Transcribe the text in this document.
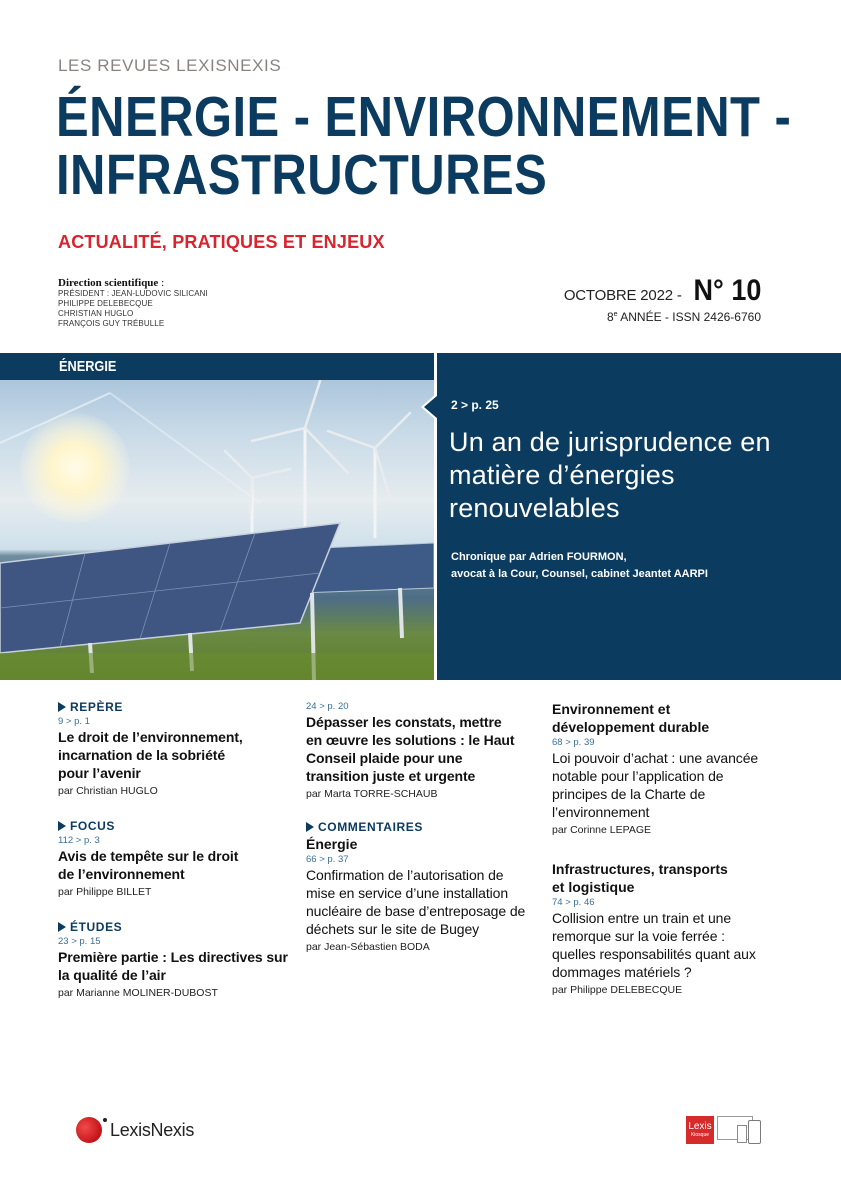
LES REVUES LEXISNEXIS
ÉNERGIE - ENVIRONNEMENT -
INFRASTRUCTURES
ACTUALITÉ, PRATIQUES ET ENJEUX
Direction scientifique :
PRÉSIDENT : JEAN-LUDOVIC SILICANI
PHILIPPE DELEBECQUE
CHRISTIAN HUGLO
FRANÇOIS GUY TRÉBULLE
OCTOBRE 2022 - N° 10
8e ANNÉE - ISSN 2426-6760
ÉNERGIE
2 > p. 25
Un an de jurisprudence en matière d’énergies renouvelables
Chronique par Adrien FOURMON,
avocat à la Cour, Counsel, cabinet Jeantet AARPI
REPÈRE
9 > p. 1
Le droit de l’environnement, incarnation de la sobriété pour l’avenir
par Christian HUGLO
FOCUS
112 > p. 3
Avis de tempête sur le droit de l’environnement
par Philippe BILLET
ÉTUDES
23 > p. 15
Première partie : Les directives sur la qualité de l’air
par Marianne MOLINER-DUBOST
24 > p. 20
Dépasser les constats, mettre en œuvre les solutions : le Haut Conseil plaide pour une transition juste et urgente
par Marta TORRE-SCHAUB
COMMENTAIRES
Énergie
66 > p. 37
Confirmation de l’autorisation de mise en service d’une installation nucléaire de base d’entreposage de déchets sur le site de Bugey
par Jean-Sébastien BODA
Environnement et développement durable
68 > p. 39
Loi pouvoir d’achat : une avancée notable pour l’application de principes de la Charte de l’environnement
par Corinne LEPAGE
Infrastructures, transports et logistique
74 > p. 46
Collision entre un train et une remorque sur la voie ferrée : quelles responsabilités quant aux dommages matériels ?
par Philippe DELEBECQUE
LexisNexis	Lexis
Kiosque
